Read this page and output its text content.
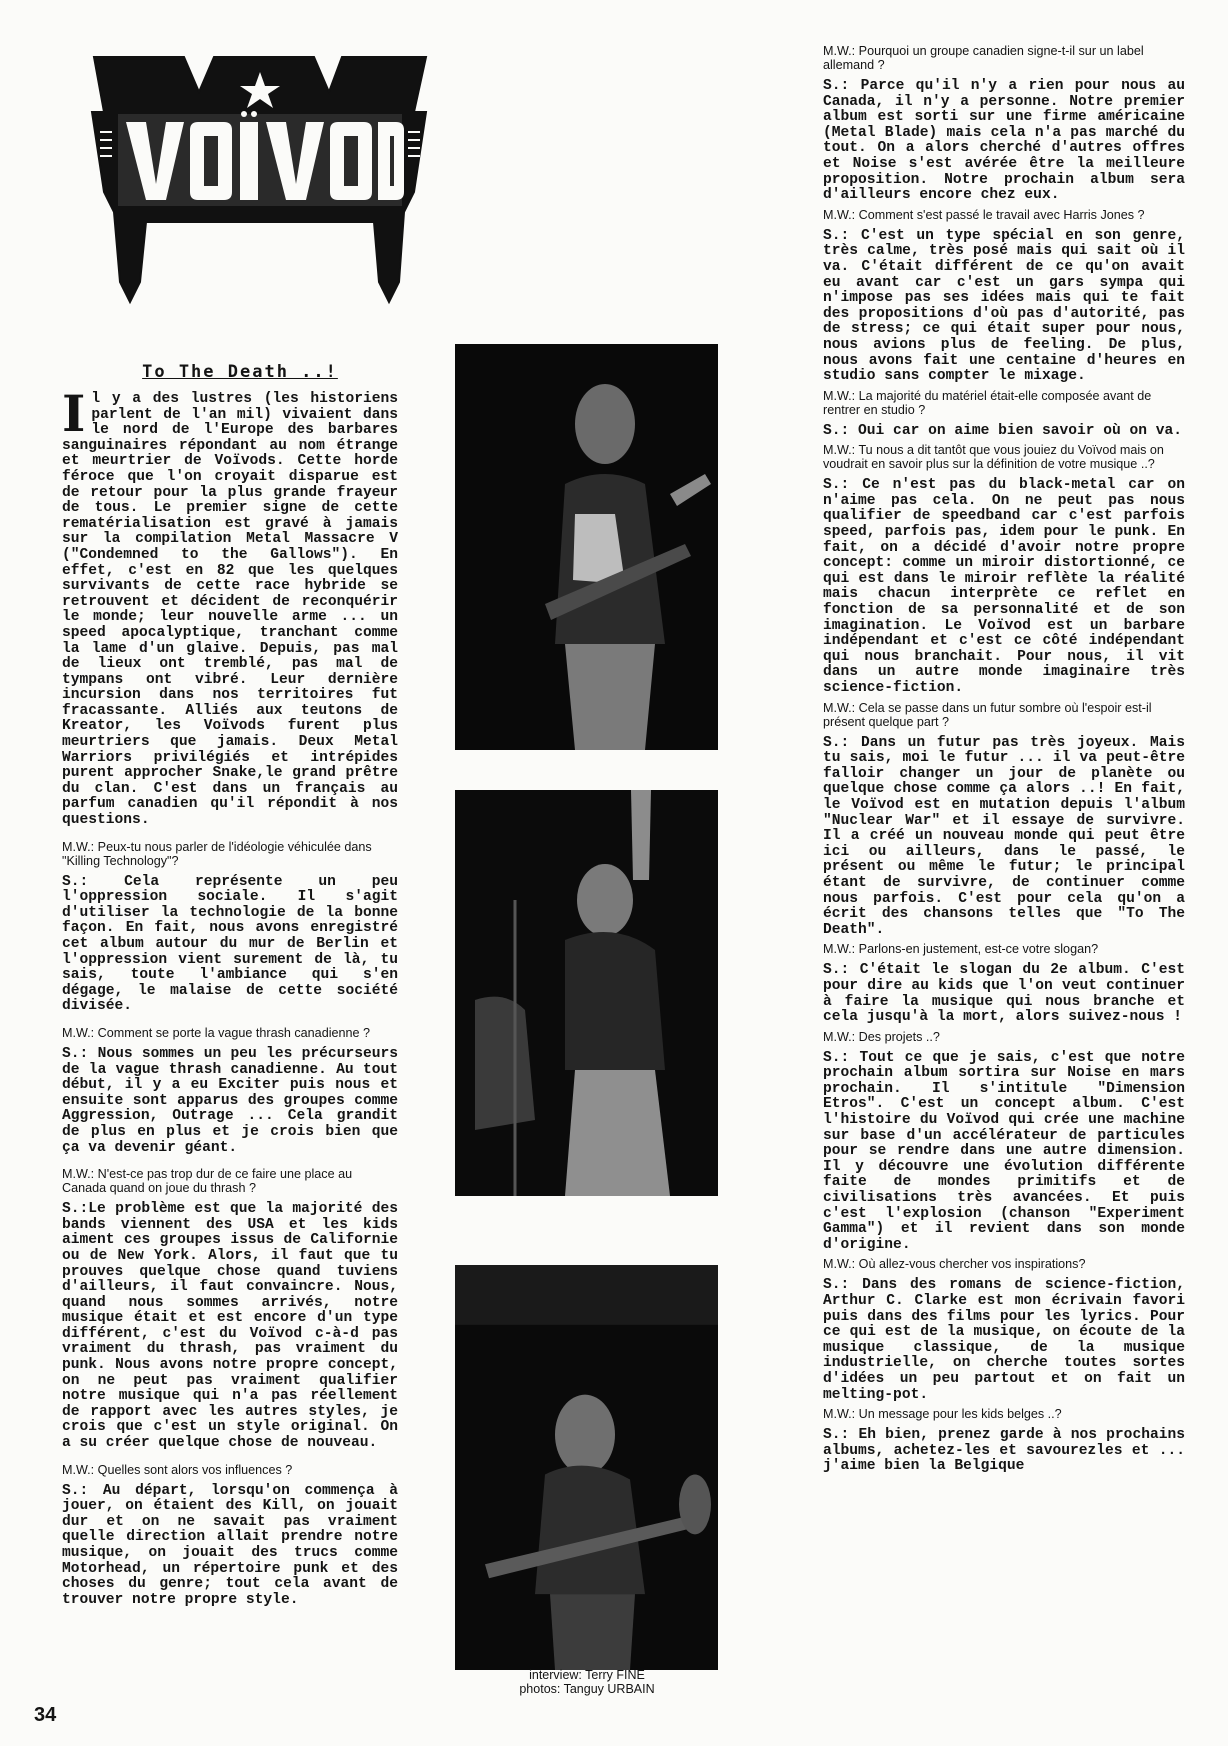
To The Death ..!

Il y a des lustres (les historiens parlent de l'an mil) vivaient dans le nord de l'Europe des barbares sanguinaires répondant au nom étrange et meurtrier de Voïvods. Cette horde féroce que l'on croyait disparue est de retour pour la plus grande frayeur de tous. Le premier signe de cette rematérialisation est gravé à jamais sur la compilation Metal Massacre V ("Condemned to the Gallows"). En effet, c'est en 82 que les quelques survivants de cette race hybride se retrouvent et décident de reconquérir le monde; leur nouvelle arme ... un speed apocalyptique, tranchant comme la lame d'un glaive. Depuis, pas mal de lieux ont tremblé, pas mal de tympans ont vibré. Leur dernière incursion dans nos territoires fut fracassante. Alliés aux teutons de Kreator, les Voïvods furent plus meurtriers que jamais. Deux Metal Warriors privilégiés et intrépides purent approcher Snake,le grand prêtre du clan. C'est dans un français au parfum canadien qu'il répondit à nos questions.

M.W.: Peux-tu nous parler de l'idéologie véhiculée dans "Killing Technology"?

S.: Cela représente un peu l'oppression sociale. Il s'agit d'utiliser la technologie de la bonne façon. En fait, nous avons enregistré cet album autour du mur de Berlin et l'oppression vient surement de là, tu sais, toute l'ambiance qui s'en dégage, le malaise de cette société divisée.

M.W.: Comment se porte la vague thrash canadienne ?

S.: Nous sommes un peu les précurseurs de la vague thrash canadienne. Au tout début, il y a eu Exciter puis nous et ensuite sont apparus des groupes comme Aggression, Outrage ... Cela grandit de plus en plus et je crois bien que ça va devenir géant.

M.W.: N'est-ce pas trop dur de ce faire une place au Canada quand on joue du thrash ?

S.:Le problème est que la majorité des bands viennent des USA et les kids aiment ces groupes issus de Californie ou de New York. Alors, il faut que tu prouves quelque chose quand tuviens d'ailleurs, il faut convaincre. Nous, quand nous sommes arrivés, notre musique était et est encore d'un type différent, c'est du Voïvod c-à-d pas vraiment du thrash, pas vraiment du punk. Nous avons notre propre concept, on ne peut pas vraiment qualifier notre musique qui n'a pas réellement de rapport avec les autres styles, je crois que c'est un style original. On a su créer quelque chose de nouveau.

M.W.: Quelles sont alors vos influences ?

S.: Au départ, lorsqu'on commença à jouer, on étaient des Kill, on jouait dur et on ne savait pas vraiment quelle direction allait prendre notre musique, on jouait des trucs comme Motorhead, un répertoire punk et des choses du genre; tout cela avant de trouver notre propre style.

interview: Terry FINE
photos: Tanguy URBAIN

M.W.: Pourquoi un groupe canadien signe-t-il sur un label allemand ?

S.: Parce qu'il n'y a rien pour nous au Canada, il n'y a personne. Notre premier album est sorti sur une firme américaine (Metal Blade) mais cela n'a pas marché du tout. On a alors cherché d'autres offres et Noise s'est avérée être la meilleure proposition. Notre prochain album sera d'ailleurs encore chez eux.

M.W.: Comment s'est passé le travail avec Harris Jones ?

S.: C'est un type spécial en son genre, très calme, très posé mais qui sait où il va. C'était différent de ce qu'on avait eu avant car c'est un gars sympa qui n'impose pas ses idées mais qui te fait des propositions d'où pas d'autorité, pas de stress; ce qui était super pour nous, nous avions plus de feeling. De plus, nous avons fait une centaine d'heures en studio sans compter le mixage.

M.W.: La majorité du matériel était-elle composée avant de rentrer en studio ?

S.: Oui car on aime bien savoir où on va.

M.W.: Tu nous a dit tantôt que vous jouiez du Voïvod mais on voudrait en savoir plus sur la définition de votre musique ..?

S.: Ce n'est pas du black-metal car on n'aime pas cela. On ne peut pas nous qualifier de speedband car c'est parfois speed, parfois pas, idem pour le punk. En fait, on a décidé d'avoir notre propre concept: comme un miroir distortionné, ce qui est dans le miroir reflète la réalité mais chacun interprète ce reflet en fonction de sa personnalité et de son imagination. Le Voïvod est un barbare indépendant et c'est ce côté indépendant qui nous branchait. Pour nous, il vit dans un autre monde imaginaire très science-fiction.

M.W.: Cela se passe dans un futur sombre où l'espoir est-il présent quelque part ?

S.: Dans un futur pas très joyeux. Mais tu sais, moi le futur ... il va peut-être falloir changer un jour de planète ou quelque chose comme ça alors ..! En fait, le Voïvod est en mutation depuis l'album "Nuclear War" et il essaye de survivre. Il a créé un nouveau monde qui peut être ici ou ailleurs, dans le passé, le présent ou même le futur; le principal étant de survivre, de continuer comme nous parfois. C'est pour cela qu'on a écrit des chansons telles que "To The Death".

M.W.: Parlons-en justement, est-ce votre slogan?

S.: C'était le slogan du 2e album. C'est pour dire au kids que l'on veut continuer à faire la musique qui nous branche et cela jusqu'à la mort, alors suivez-nous !

M.W.: Des projets ..?

S.: Tout ce que je sais, c'est que notre prochain album sortira sur Noise en mars prochain. Il s'intitule "Dimension Etros". C'est un concept album. C'est l'histoire du Voïvod qui crée une machine sur base d'un accélérateur de particules pour se rendre dans une autre dimension. Il y découvre une évolution différente faite de mondes primitifs et de civilisations très avancées. Et puis c'est l'explosion (chanson "Experiment Gamma") et il revient dans son monde d'origine.

M.W.: Où allez-vous chercher vos inspirations?

S.: Dans des romans de science-fiction, Arthur C. Clarke est mon écrivain favori puis dans des films pour les lyrics. Pour ce qui est de la musique, on écoute de la musique classique, de la musique industrielle, on cherche toutes sortes d'idées un peu partout et on fait un melting-pot.

M.W.: Un message pour les kids belges ..?

S.: Eh bien, prenez garde à nos prochains albums, achetez-les et savourezles et ... j'aime bien la Belgique

34
